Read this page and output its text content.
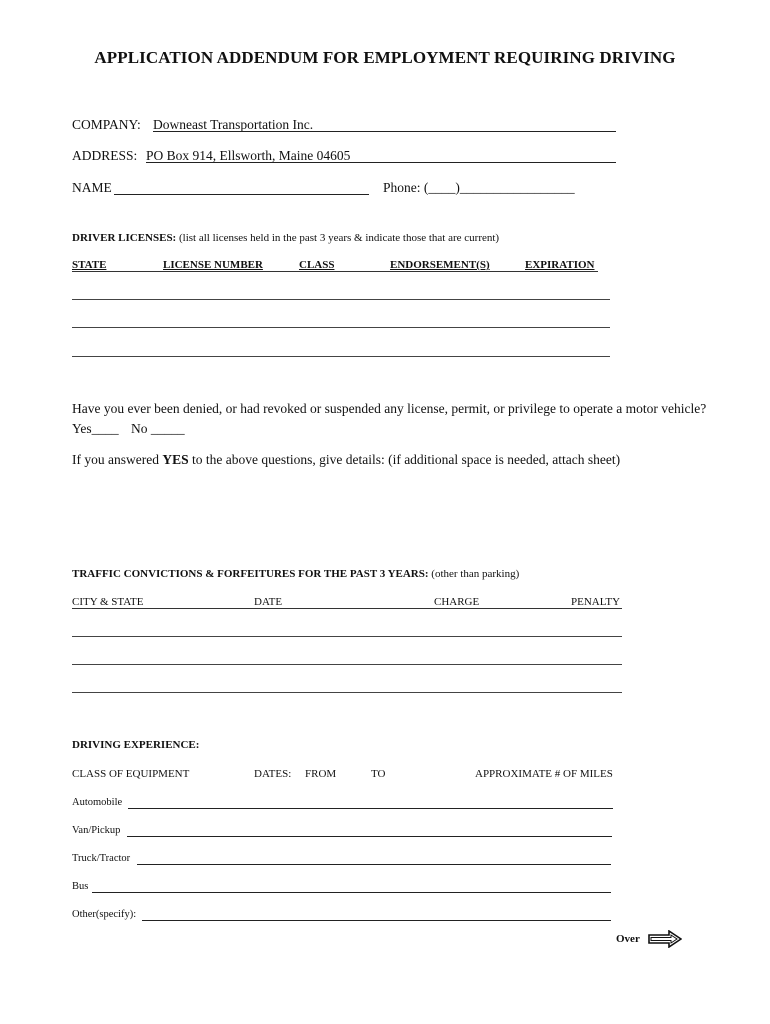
APPLICATION ADDENDUM FOR EMPLOYMENT REQUIRING DRIVING
COMPANY: Downeast Transportation Inc.
ADDRESS: PO Box 914, Ellsworth, Maine 04605
NAME	Phone: (____)_________________
DRIVER LICENSES: (list all licenses held in the past 3 years & indicate those that are current)
STATE	LICENSE NUMBER	CLASS	ENDORSEMENT(S)	EXPIRATION
Have you ever been denied, or had revoked or suspended any license, permit, or privilege to operate a motor vehicle?
Yes____ No _____
If you answered YES to the above questions, give details: (if additional space is needed, attach sheet)
TRAFFIC CONVICTIONS & FORFEITURES FOR THE PAST 3 YEARS: (other than parking)
CITY & STATE	DATE	CHARGE	PENALTY
DRIVING EXPERIENCE:
CLASS OF EQUIPMENT	DATES: FROM	TO	APPROXIMATE # OF MILES
Automobile
Van/Pickup
Truck/Tractor
Bus
Other(specify):
Over
